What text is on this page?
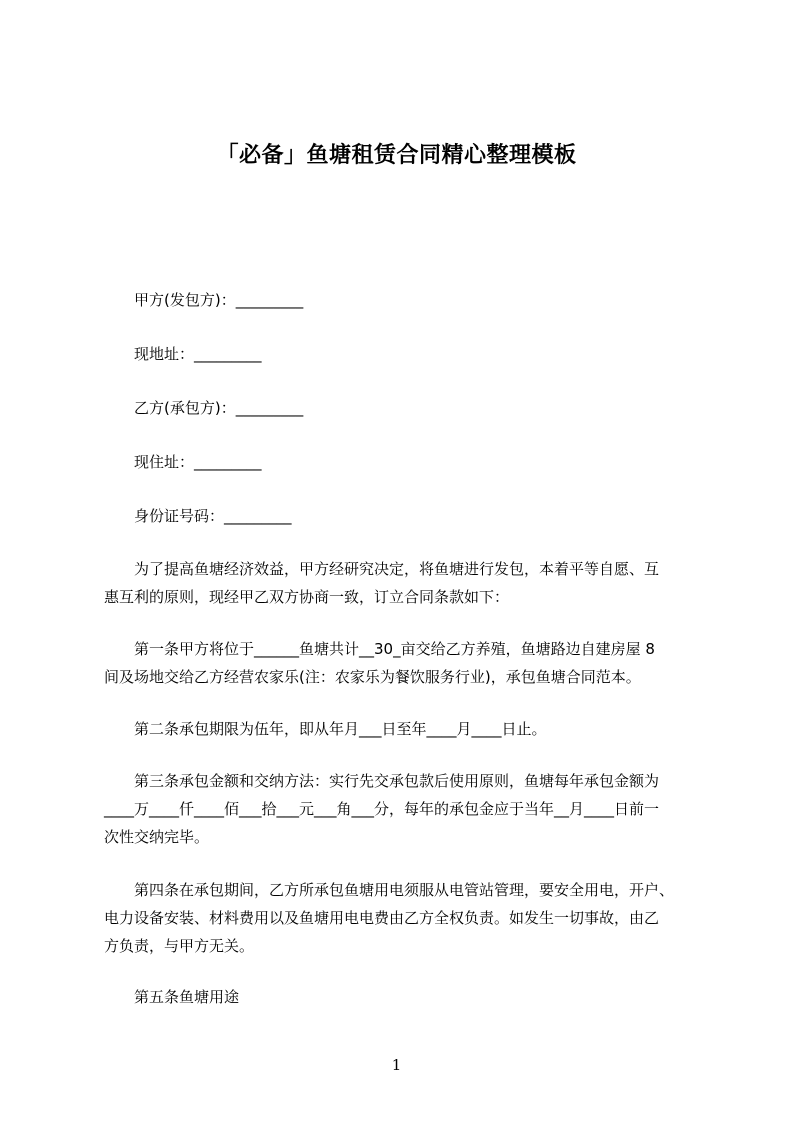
「必备」鱼塘租赁合同精心整理模板
甲方(发包方)：_________
现地址：_________
乙方(承包方)：_________
现住址：_________
身份证号码：_________
为了提高鱼塘经济效益，甲方经研究决定，将鱼塘进行发包，本着平等自愿、互
惠互利的原则，现经甲乙双方协商一致，订立合同条款如下：
第一条甲方将位于______鱼塘共计__30_亩交给乙方养殖，鱼塘路边自建房屋 8
间及场地交给乙方经营农家乐(注：农家乐为餐饮服务行业)，承包鱼塘合同范本。
第二条承包期限为伍年，即从年月___日至年____月____日止。
第三条承包金额和交纳方法：实行先交承包款后使用原则，鱼塘每年承包金额为
____万____仟____佰___拾___元___角___分，每年的承包金应于当年__月____日前一
次性交纳完毕。
第四条在承包期间，乙方所承包鱼塘用电须服从电管站管理，要安全用电，开户、
电力设备安装、材料费用以及鱼塘用电电费由乙方全权负责。如发生一切事故，由乙
方负责，与甲方无关。
第五条鱼塘用途
1
